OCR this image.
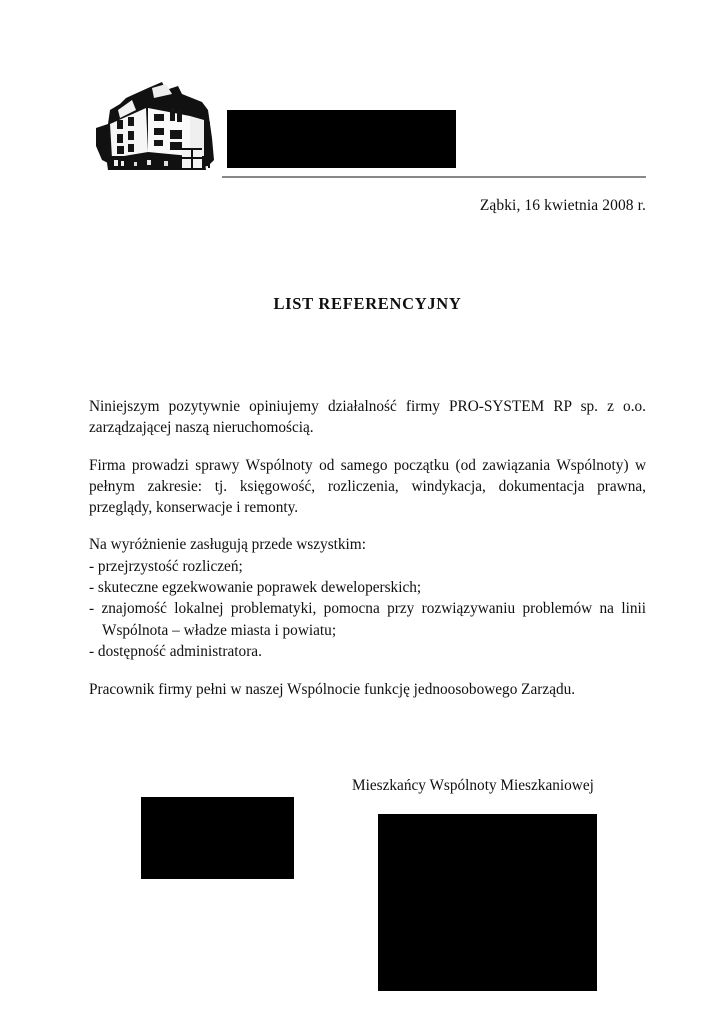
Ząbki, 16 kwietnia 2008 r.
LIST REFERENCYJNY

Niniejszym pozytywnie opiniujemy działalność firmy PRO-SYSTEM RP sp. z o.o. zarządzającej naszą nieruchomością.

Firma prowadzi sprawy Wspólnoty od samego początku (od zawiązania Wspólnoty) w pełnym zakresie: tj. księgowość, rozliczenia, windykacja, dokumentacja prawna, przeglądy, konserwacje i remonty.

Na wyróżnienie zasługują przede wszystkim:

- przejrzystość rozliczeń;

- skuteczne egzekwowanie poprawek deweloperskich;

- znajomość lokalnej problematyki, pomocna przy rozwiązywaniu problemów na linii Wspólnota – władze miasta i powiatu;

- dostępność administratora.

Pracownik firmy pełni w naszej Wspólnocie funkcję jednoosobowego Zarządu.

Mieszkańcy Wspólnoty Mieszkaniowej
